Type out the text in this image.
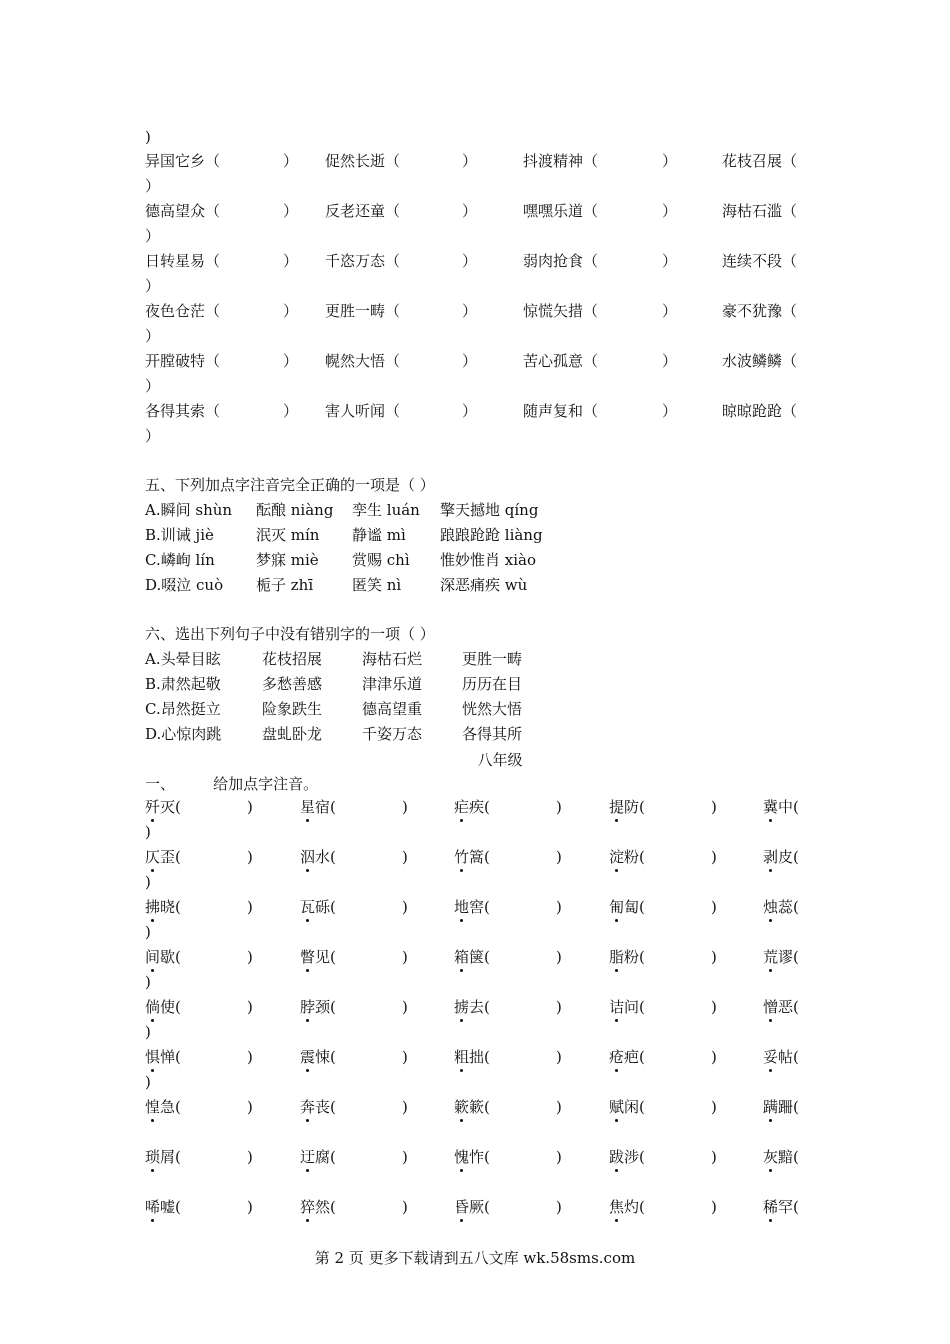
)
异国它乡（	） 促然长逝（	）	抖渡精神（	）	花枝召展（
）
德高望众（	） 反老还童（	）	嘿嘿乐道（	）	海枯石滥（
）
日转星易（	） 千恣万态（	）	弱肉抢食（	）	连续不段（
）
夜色仓茫（	） 更胜一畴（	）	惊慌矢措（	）	豪不犹豫（
）
开膛破特（	） 幌然大悟（	）	苦心孤意（	）	水波鳞鳞（
）
各得其索（	） 害人听闻（	）	随声复和（	）	晾晾跄跄（
）
五、下列加点字注音完全正确的一项是（ ）
A.瞬间 shùn 酝酿 niàng 孪生 luán 擎天撼地 qíng
B.训诫 jiè	泯灭 mín 静谧 mì 踉踉跄跄 liàng
C.嶙峋 lín	梦寐 miè 赏赐 chì 惟妙惟肖 xiào
D.啜泣 cuò 栀子 zhī	匿笑 nì	深恶痛疾 wù
六、选出下列句子中没有错别字的一项（ ）
A.头晕目眩	花枝招展	海枯石烂	更胜一畴
B.肃然起敬	多愁善感	津津乐道	历历在目
C.昂然挺立	险象跌生	德高望重	恍然大悟
D.心惊肉跳	盘虬卧龙	千姿万态	各得其所
八年级
一、        给加点字注音。
歼灭(	)	星宿(	)	疟疾(	)	提防(	)	冀中(
)
仄歪(	)	泅水(	)	竹篙(	)	淀粉(	)	剥皮(
)
拂晓(	)	瓦砾(	)	地窖(	)	匍匐(	)	烛蕊(
)
间歇(	)	瞥见(	)	箱箧(	)	脂粉(	)	荒谬(
)
倘使(	)	脖颈(	)	掳去(	)	诘问(	)	憎恶(
)
惧惮(	)	震悚(	)	粗拙(	)	疮疤(	)	妥帖(
)
惶急(	)	奔丧(	)	簌簌(	)	赋闲(	)	蹒跚(
琐屑(	)	迂腐(	)	愧怍(	)	跋涉(	)	灰黯(
唏嘘(	)	猝然(	)	昏厥(	)	焦灼(	)	稀罕(
第 2 页 更多下载请到五八文库 wk.58sms.com
